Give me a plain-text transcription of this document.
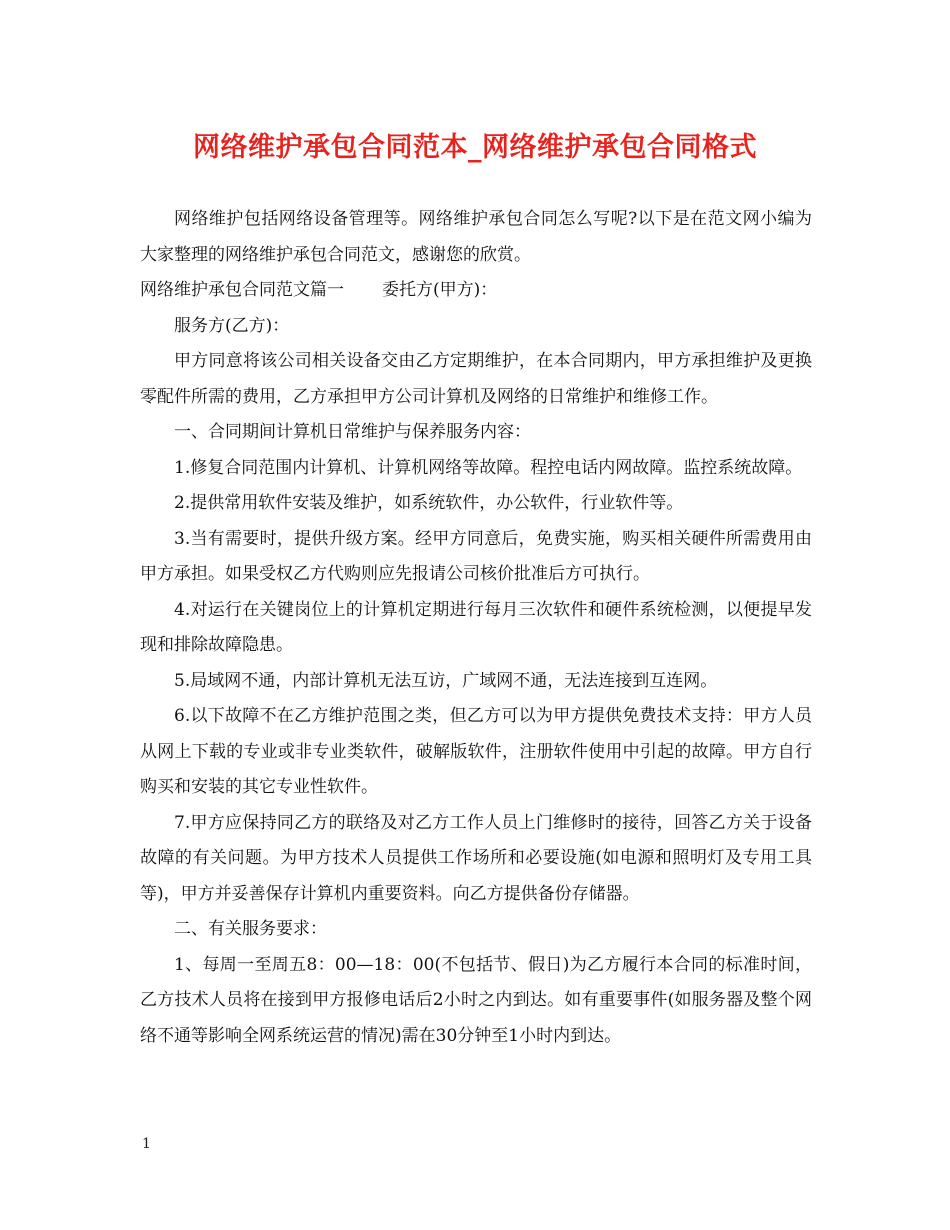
网络维护承包合同范本_网络维护承包合同格式

网络维护包括网络设备管理等。网络维护承包合同怎么写呢?以下是在范文网小编为大家整理的网络维护承包合同范文，感谢您的欣赏。

网络维护承包合同范文篇一 委托方(甲方)：

服务方(乙方)：

甲方同意将该公司相关设备交由乙方定期维护，在本合同期内，甲方承担维护及更换零配件所需的费用，乙方承担甲方公司计算机及网络的日常维护和维修工作。

一、合同期间计算机日常维护与保养服务内容：

1.修复合同范围内计算机、计算机网络等故障。程控电话内网故障。监控系统故障。

2.提供常用软件安装及维护，如系统软件，办公软件，行业软件等。

3.当有需要时，提供升级方案。经甲方同意后，免费实施，购买相关硬件所需费用由甲方承担。如果受权乙方代购则应先报请公司核价批准后方可执行。

4.对运行在关键岗位上的计算机定期进行每月三次软件和硬件系统检测，以便提早发现和排除故障隐患。

5.局域网不通，内部计算机无法互访，广域网不通，无法连接到互连网。

6.以下故障不在乙方维护范围之类，但乙方可以为甲方提供免费技术支持：甲方人员从网上下载的专业或非专业类软件，破解版软件，注册软件使用中引起的故障。甲方自行购买和安装的其它专业性软件。

7.甲方应保持同乙方的联络及对乙方工作人员上门维修时的接待，回答乙方关于设备故障的有关问题。为甲方技术人员提供工作场所和必要设施(如电源和照明灯及专用工具等)，甲方并妥善保存计算机内重要资料。向乙方提供备份存储器。

二、有关服务要求：

1、每周一至周五8：00—18：00(不包括节、假日)为乙方履行本合同的标准时间，乙方技术人员将在接到甲方报修电话后2小时之内到达。如有重要事件(如服务器及整个网络不通等影响全网系统运营的情况)需在30分钟至1小时内到达。

1
